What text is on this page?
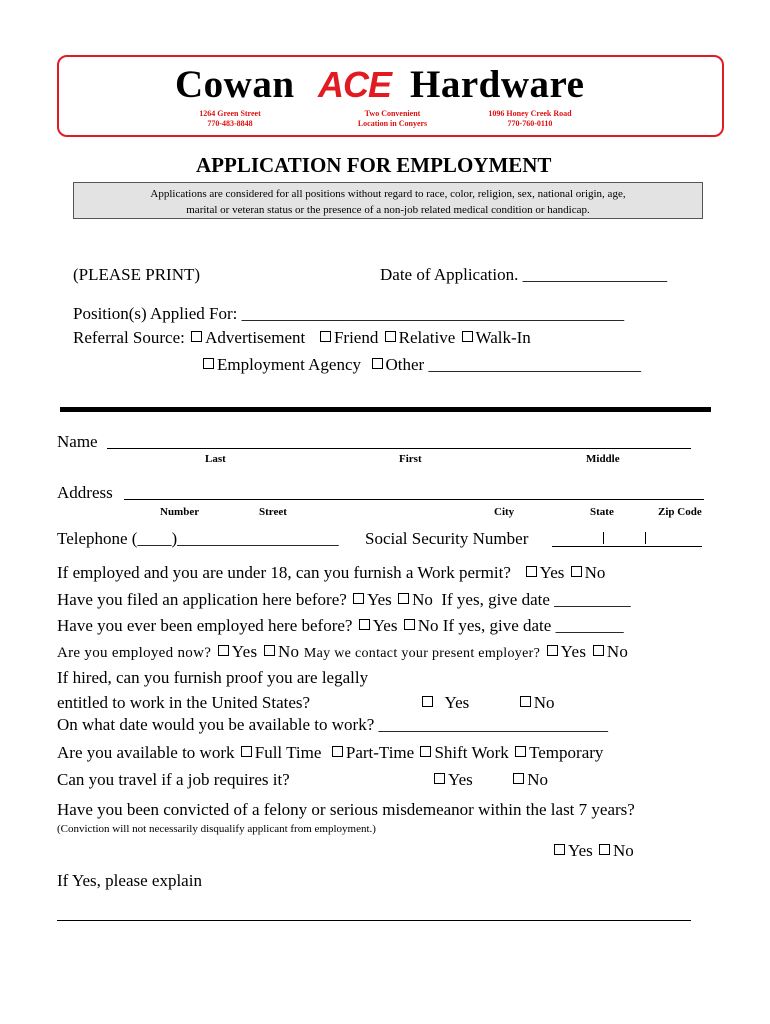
Cowan ACE Hardware
1264 Green Street
770-483-8848
Two Convenient
Location in Conyers
1096 Honey Creek Road
770-760-0110
APPLICATION FOR EMPLOYMENT
Applications are considered for all positions without regard to race, color, religion, sex, national origin, age,
marital or veteran status or the presence of a non-job related medical condition or handicap.
(PLEASE PRINT)	Date of Application. _________________
Position(s) Applied For: _____________________________________________
Referral Source: Advertisement Friend Relative Walk-In
Employment Agency Other _________________________
Name
Last	First	Middle
Address
Number	Street	City	State	Zip Code
Telephone (____)___________________ Social Security Number
If employed and you are under 18, can you furnish a Work permit? Yes No
Have you filed an application here before? Yes No If yes, give date _________
Have you ever been employed here before? Yes No If yes, give date ________
Are you employed now? Yes No May we contact your present employer? Yes No
If hired, can you furnish proof you are legally
entitled to work in the United States?	Yes	No
On what date would you be available to work? ___________________________
Are you available to work Full Time Part-Time Shift Work Temporary
Can you travel if a job requires it?	Yes	No
Have you been convicted of a felony or serious misdemeanor within the last 7 years?
(Conviction will not necessarily disqualify applicant from employment.)
Yes No
If Yes, please explain
